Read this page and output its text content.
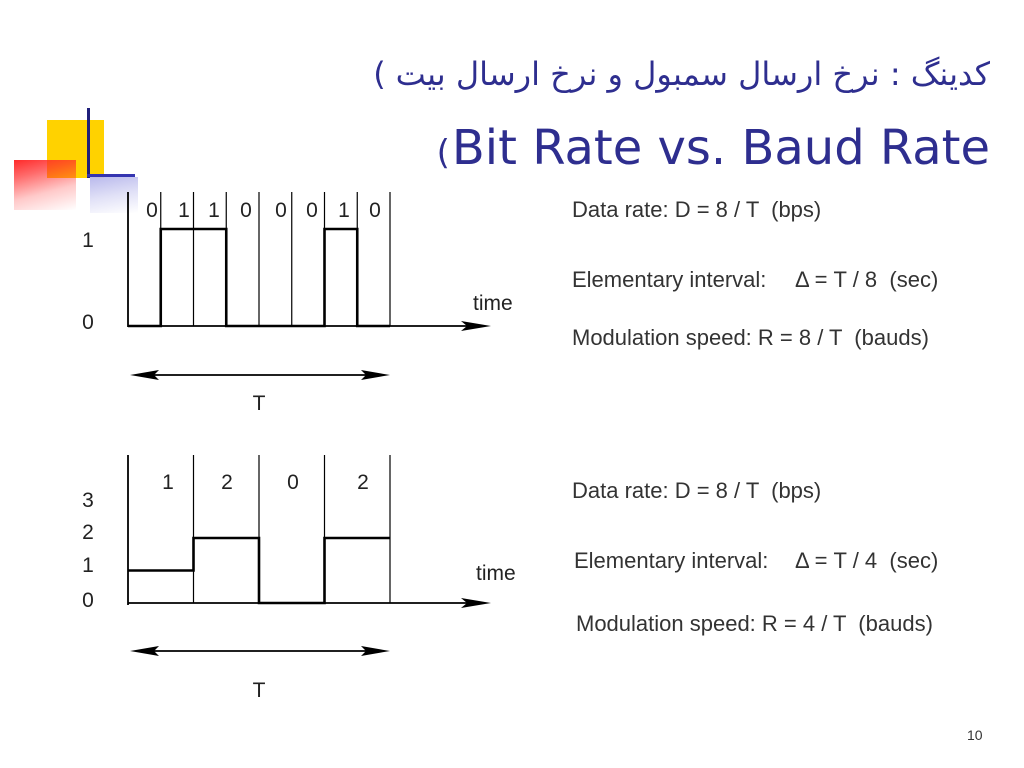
( کدینگ : نرخ ارسال سمبول و نرخ ارسال بیت
( Bit Rate vs. Baud Rate
1
0
0 1 1 0 0 0 1 0
time
T
3
2
1
0
1 2	0	2
time
T
Data rate: D = 8 / T  (bps)
Elementary interval: Δ = T / 8  (sec)
Modulation speed: R = 8 / T  (bauds)
Data rate: D = 8 / T  (bps)
Elementary interval: Δ = T / 4  (sec)
Modulation speed: R = 4 / T  (bauds)
10
